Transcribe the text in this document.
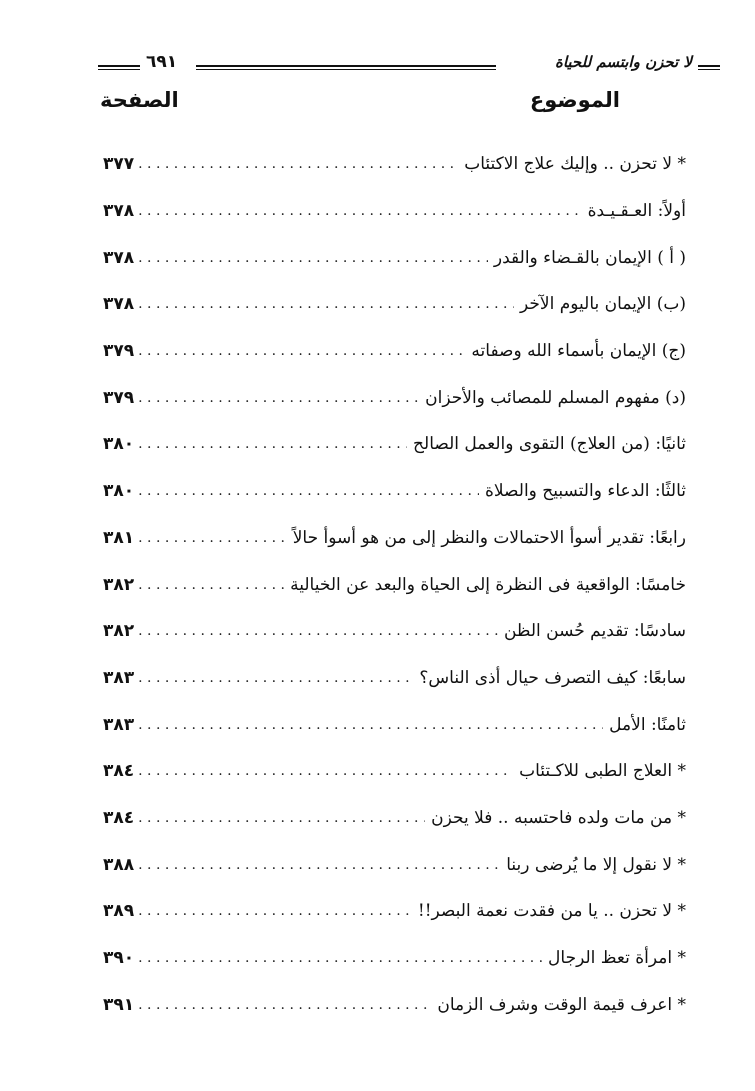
٦٩١	لا تحزن وابتسم للحياة
الموضوع
الصفحة
* لا تحزن .. وإليك علاج الاكتئاب
. . .
٣٧٧
أولاً: العـقـيـدة
. . .
٣٧٨
( أ ) الإيمان بالقـضاء والقدر
. . .
٣٧٨
(ب) الإيمان باليوم الآخر
. . .
٣٧٨
(ج) الإيمان بأسماء الله وصفاته
. . .
٣٧٩
(د) مفهوم المسلم للمصائب والأحزان
. . .
٣٧٩
ثانيًا: (من العلاج) التقوى والعمل الصالح
. . .
٣٨٠
ثالثًا: الدعاء والتسبيح والصلاة
. . .
٣٨٠
رابعًا: تقدير أسوأ الاحتمالات والنظر إلى من هو أسوأ حالاً
. . .
٣٨١
خامسًا: الواقعية فى النظرة إلى الحياة والبعد عن الخيالية
. . .
٣٨٢
سادسًا: تقديم حُسن الظن
. . .
٣٨٢
سابعًا: كيف التصرف حيال أذى الناس؟
. . .
٣٨٣
ثامنًا: الأمل
. . .
٣٨٣
* العلاج الطبى للاكـتئاب
. . .
٣٨٤
* من مات ولده فاحتسبه .. فلا يحزن
. . .
٣٨٤
* لا نقول إلا ما يُرضى ربنا
. . .
٣٨٨
* لا تحزن .. يا من فقدت نعمة البصر!!
. . .
٣٨٩
* امرأة تعظ الرجال
. . .
٣٩٠
* اعرف قيمة الوقت وشرف الزمان
. . .
٣٩١
